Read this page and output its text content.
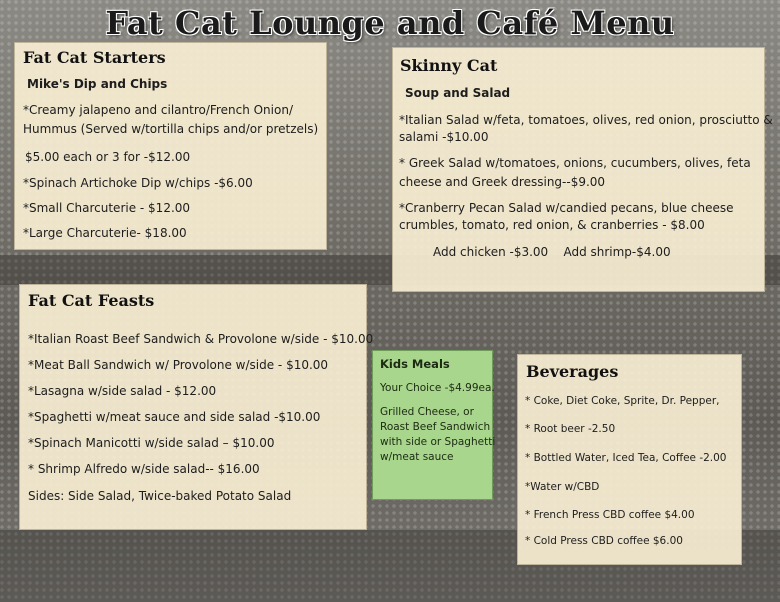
Fat Cat Lounge and Café Menu
Fat Cat Starters
Mike's Dip and Chips
*Creamy jalapeno and cilantro/French Onion/
Hummus (Served w/tortilla chips and/or pretzels)
$5.00 each or 3 for -$12.00
*Spinach Artichoke Dip w/chips -$6.00
*Small Charcuterie - $12.00
*Large Charcuterie- $18.00
Skinny Cat
Soup and Salad
*Italian Salad w/feta, tomatoes, olives, red onion, prosciutto &
salami -$10.00
* Greek Salad w/tomatoes, onions, cucumbers, olives, feta
cheese and Greek dressing--$9.00
*Cranberry Pecan Salad w/candied pecans, blue cheese
crumbles, tomato, red onion, & cranberries - $8.00
Add chicken -$3.00    Add shrimp-$4.00
Fat Cat Feasts
*Italian Roast Beef Sandwich & Provolone w/side - $10.00
*Meat Ball Sandwich w/ Provolone w/side - $10.00
*Lasagna w/side salad - $12.00
*Spaghetti w/meat sauce and side salad -$10.00
*Spinach Manicotti w/side salad – $10.00
* Shrimp Alfredo w/side salad-- $16.00
Sides: Side Salad, Twice-baked Potato Salad
Kids Meals
Your Choice -$4.99ea.
Grilled Cheese, or
Roast Beef Sandwich
with side or Spaghetti
w/meat sauce
Beverages
* Coke, Diet Coke, Sprite, Dr. Pepper,
* Root beer -2.50
* Bottled Water, Iced Tea, Coffee -2.00
*Water w/CBD
* French Press CBD coffee $4.00
* Cold Press CBD coffee $6.00
